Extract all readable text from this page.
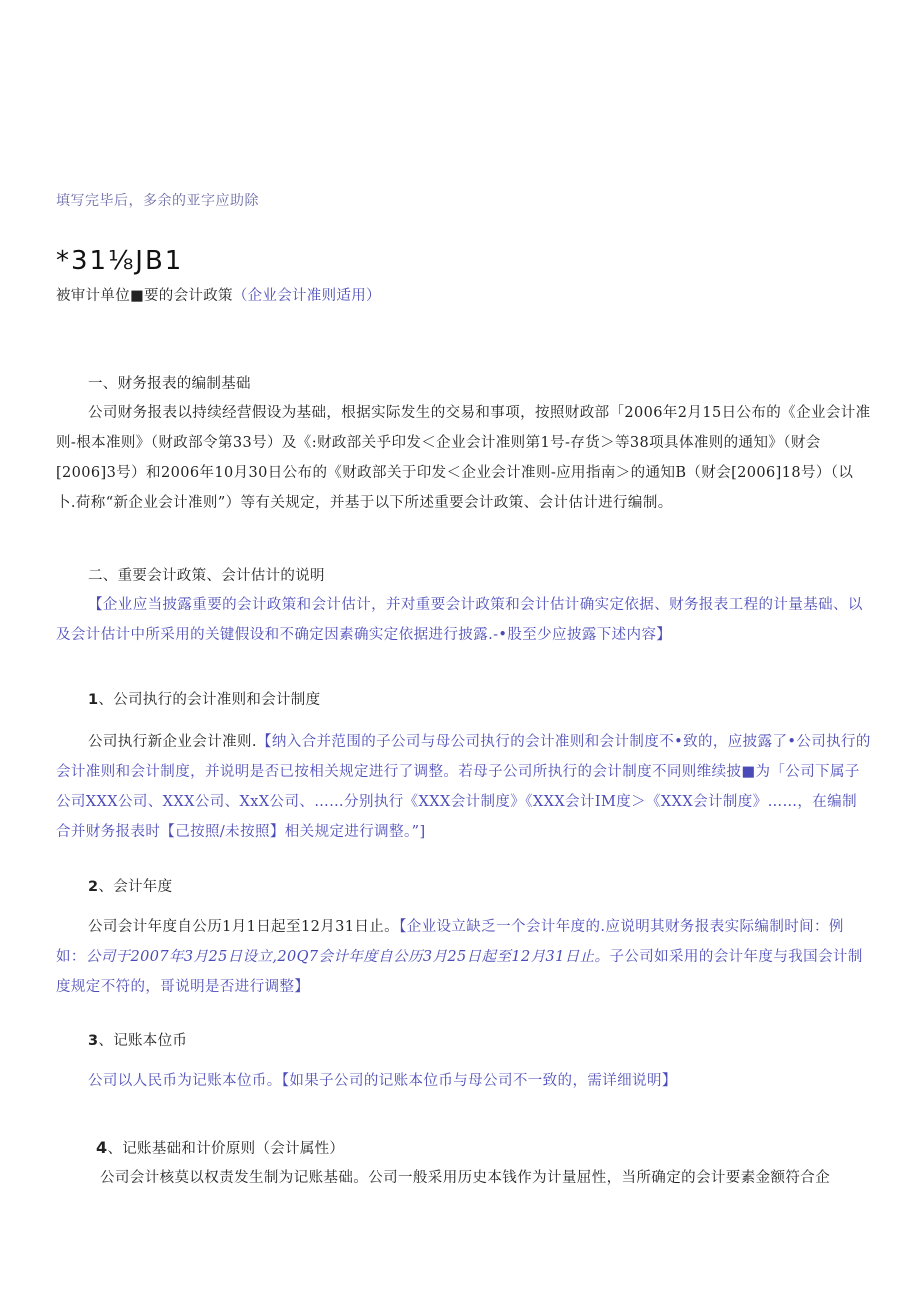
填写完毕后，多余的亚字应助除
*31⅛JB1
被审计单位■要的会计政策（企业会计准则适用）
一、财务报表的编制基础
公司财务报表以持续经营假设为基础，根据实际发生的交易和事项，按照财政部「2006年2月15日公布的《企业会计准则-根本准则》（财政部令第33号）及《:财政部关乎印发＜企业会计准则第1号-存货＞等38项具体准则的通知》（财会[2006]3号）和2006年10月30日公布的《财政部关于印发＜企业会计准则-应用指南＞的通知B（财会[2006]18号）（以卜.荷称“新企业会计准则”）等有关规定，并基于以下所述重要会计政策、会计估计进行编制。
二、重要会计政策、会计估计的说明
【企业应当披露重要的会计政策和会计估计，并对重要会计政策和会计估计确实定依据、财务报表工程的计量基础、以及会计估计中所采用的关键假设和不确定因素确实定依据进行披露.-•股至少应披露下述内容】
1、公司执行的会计准则和会计制度
公司执行新企业会计准则.【纳入合并范围的子公司与母公司执行的会计准则和会计制度不•致的，应披露了•公司执行的会计准则和会计制度，并说明是否已按相关规定进行了调整。若母子公司所执行的会计制度不同则维续披■为「公司下属子公司XXX公司、XXX公司、XxX公司、……分别执行《XXX会计制度》《XXX会计IM度＞《XXX会计制度》……，在编制合并财务报表时【己按照/未按照】相关规定进行调整。”]
2、会计年度
公司会计年度自公历1月1日起至12月31日止。【企业设立缺乏一个会计年度的.应说明其财务报表实际编制时间：例如：公司于2007年3月25日设立,20Q7会计年度自公历3月25日起至12月31日止。子公司如采用的会计年度与我国会计制度规定不符的，哥说明是否进行调整】
3、记账本位币
公司以人民币为记账本位币。【如果子公司的记账本位币与母公司不一致的，需详细说明】
4、记账基础和计价原则（会计属性）
公司会计核莫以权责发生制为记账基础。公司一般采用历史本钱作为计量屈性，当所确定的会计要素金额符合企
